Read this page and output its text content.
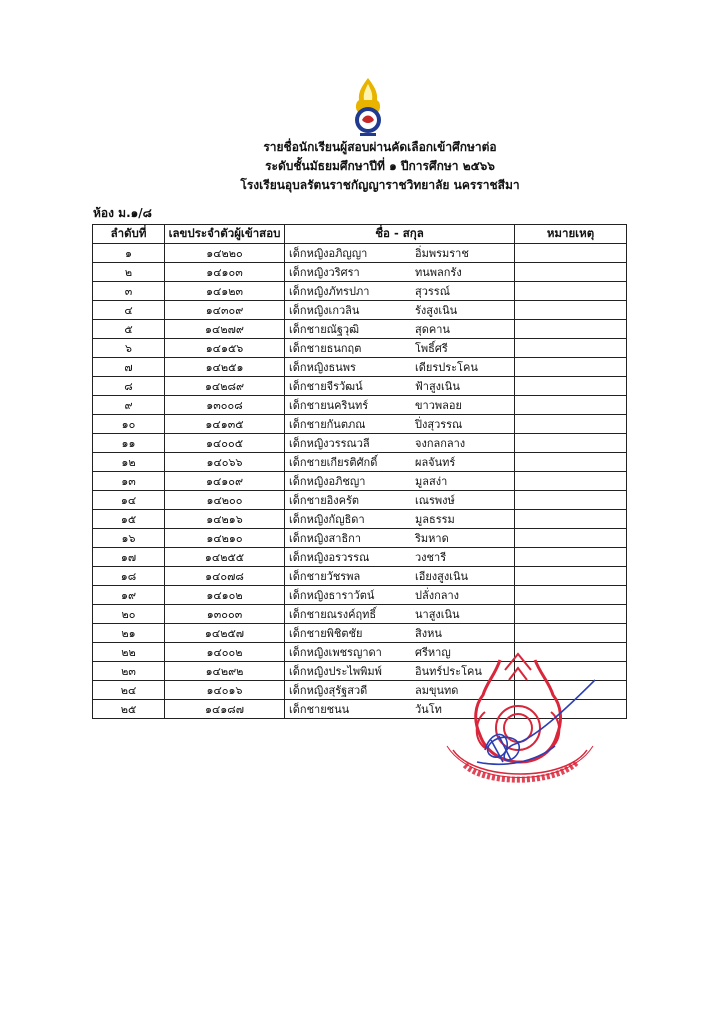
รายชื่อนักเรียนผู้สอบผ่านคัดเลือกเข้าศึกษาต่อ
ระดับชั้นมัธยมศึกษาปีที่ ๑ ปีการศึกษา ๒๕๖๖
โรงเรียนอุบลรัตนราชกัญญาราชวิทยาลัย นครราชสีมา
ห้อง ม.๑/๘
ลำดับที่	เลขประจำตัวผู้เข้าสอบ	ชื่อ - สกุล	หมายเหตุ
๑	๑๔๒๒๐	เด็กหญิงอภิญญา อิ่มพรมราช	
๒	๑๔๑๐๓	เด็กหญิงวริศรา ทนพลกรัง	
๓	๑๔๑๒๓	เด็กหญิงภัทรปภา สุวรรณ์	
๔	๑๔๓๐๙	เด็กหญิงเกวลิน รังสูงเนิน	
๕	๑๔๒๗๙	เด็กชายณัฐวุฒิ สุดคาน	
๖	๑๔๑๕๖	เด็กชายธนกฤต โพธิ์ศรี	
๗	๑๔๒๕๑	เด็กหญิงธนพร เดียรประโคน	
๘	๑๔๒๘๙	เด็กชายจีรวัฒน์ ฟ้าสูงเนิน	
๙	๑๓๐๐๘	เด็กชายนครินทร์ ขาวพลอย	
๑๐	๑๔๑๓๕	เด็กชายกันตภณ ปิ่งสุวรรณ	
๑๑	๑๔๐๐๕	เด็กหญิงวรรณวลี จงกลกลาง	
๑๒	๑๔๐๖๖	เด็กชายเกียรติศักดิ์ ผลจันทร์	
๑๓	๑๔๑๐๙	เด็กหญิงอภิชญา มูลสง่า	
๑๔	๑๔๒๐๐	เด็กชายอิงครัต เณรพงษ์	
๑๕	๑๔๒๑๖	เด็กหญิงกัญธิดา มูลธรรม	
๑๖	๑๔๒๑๐	เด็กหญิงสาธิกา ริมหาด	
๑๗	๑๔๒๕๕	เด็กหญิงอรวรรณ วงชารี	
๑๘	๑๔๐๗๘	เด็กชายวัชรพล เอียงสูงเนิน	
๑๙	๑๔๑๐๒	เด็กหญิงธาราวัตน์ ปลั่งกลาง	
๒๐	๑๓๐๐๓	เด็กชายณรงค์ฤทธิ์ นาสูงเนิน	
๒๑	๑๔๒๕๗	เด็กชายพิชิตชัย สิงหน	
๒๒	๑๔๐๐๒	เด็กหญิงเพชรญาดา ศรีหาญ	
๒๓	๑๔๒๙๒	เด็กหญิงประไพพิมพ์ อินทร์ประโคน	
๒๔	๑๔๐๑๖	เด็กหญิงสุรัฐสวดี ลมขุนทด	
๒๕	๑๔๑๘๗	เด็กชายชนน วันโท	
